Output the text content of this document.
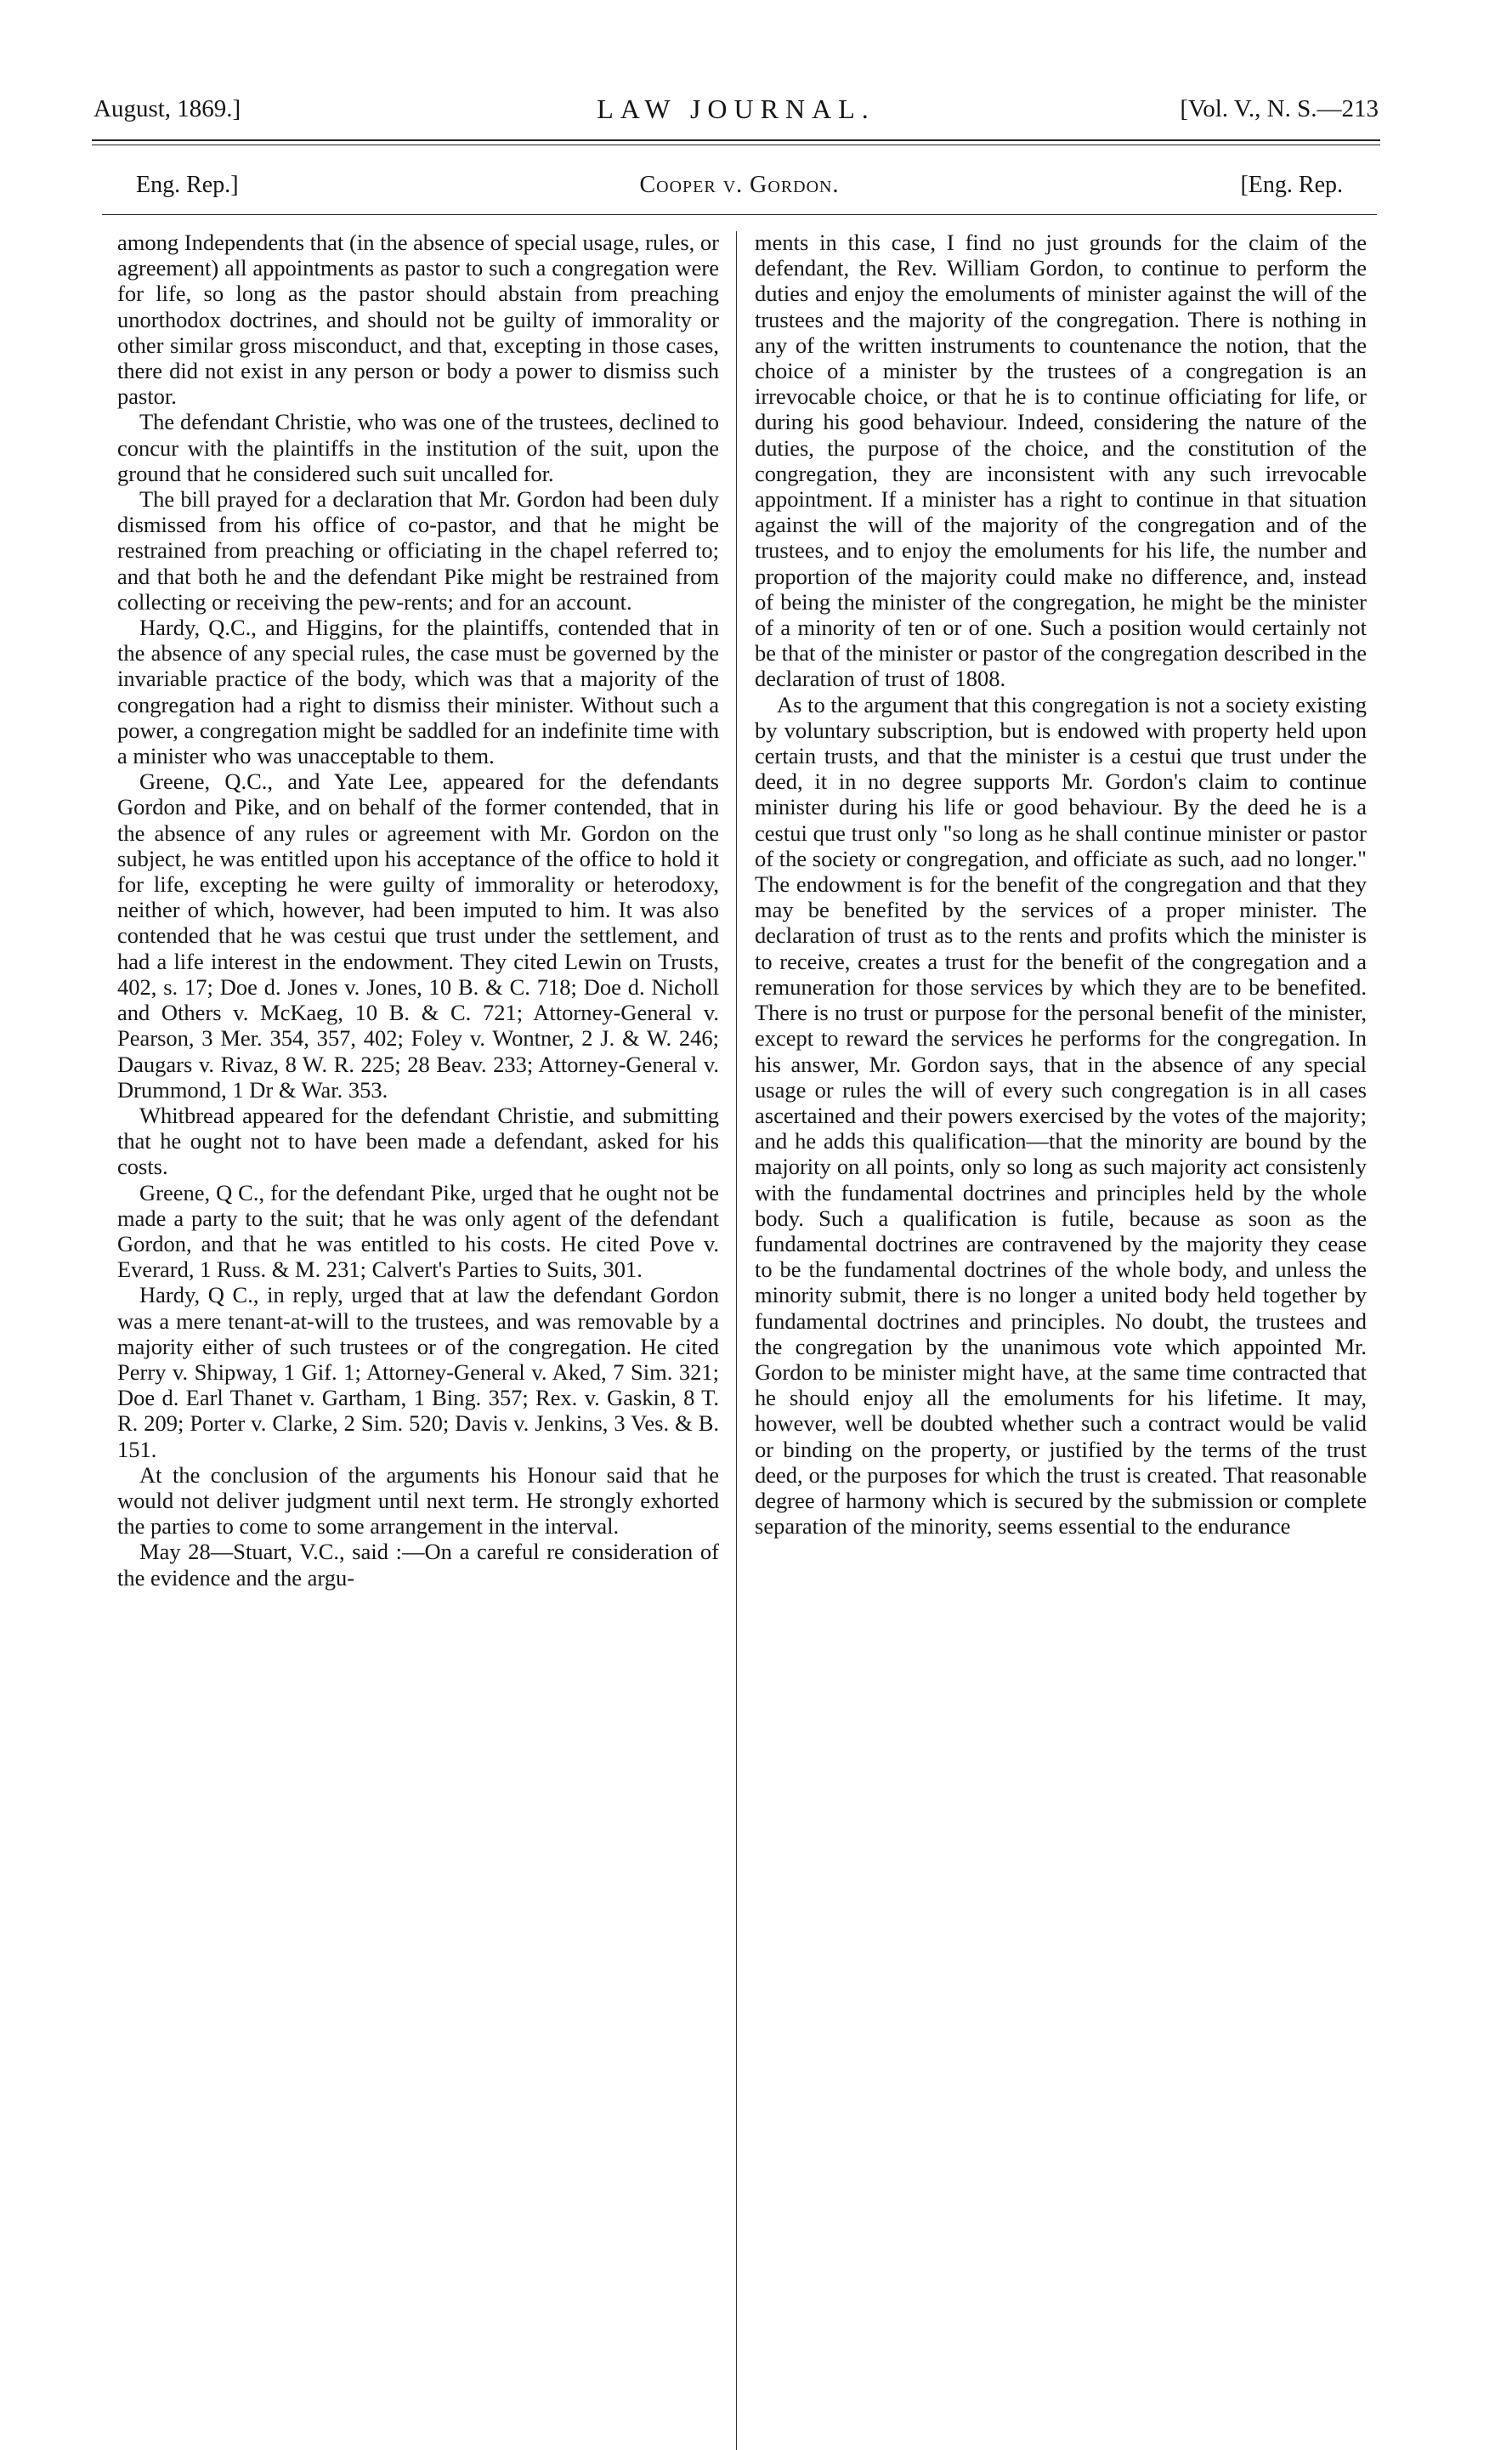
August, 1869.]	LAW JOURNAL.	[Vol. V., N. S.—213
Eng. Rep.]	Cooper v. Gordon.	[Eng. Rep.

among Independents that (in the absence of special usage, rules, or agreement) all appointments as pastor to such a congregation were for life, so long as the pastor should abstain from preaching unorthodox doctrines, and should not be guilty of immorality or other similar gross misconduct, and that, excepting in those cases, there did not exist in any person or body a power to dismiss such pastor.

The defendant Christie, who was one of the trustees, declined to concur with the plaintiffs in the institution of the suit, upon the ground that he considered such suit uncalled for.

The bill prayed for a declaration that Mr. Gordon had been duly dismissed from his office of co-pastor, and that he might be restrained from preaching or officiating in the chapel referred to; and that both he and the defendant Pike might be restrained from collecting or receiving the pew-rents; and for an account.

Hardy, Q.C., and Higgins, for the plaintiffs, contended that in the absence of any special rules, the case must be governed by the invariable practice of the body, which was that a majority of the congregation had a right to dismiss their minister. Without such a power, a congregation might be saddled for an indefinite time with a minister who was unacceptable to them.

Greene, Q.C., and Yate Lee, appeared for the defendants Gordon and Pike, and on behalf of the former contended, that in the absence of any rules or agreement with Mr. Gordon on the subject, he was entitled upon his acceptance of the office to hold it for life, excepting he were guilty of immorality or heterodoxy, neither of which, however, had been imputed to him. It was also contended that he was cestui que trust under the settlement, and had a life interest in the endowment. They cited Lewin on Trusts, 402, s. 17; Doe d. Jones v. Jones, 10 B. & C. 718; Doe d. Nicholl and Others v. McKaeg, 10 B. & C. 721; Attorney-General v. Pearson, 3 Mer. 354, 357, 402; Foley v. Wontner, 2 J. & W. 246; Daugars v. Rivaz, 8 W. R. 225; 28 Beav. 233; Attorney-General v. Drummond, 1 Dr & War. 353.

Whitbread appeared for the defendant Christie, and submitting that he ought not to have been made a defendant, asked for his costs.

Greene, Q C., for the defendant Pike, urged that he ought not be made a party to the suit; that he was only agent of the defendant Gordon, and that he was entitled to his costs. He cited Pove v. Everard, 1 Russ. & M. 231; Calvert's Parties to Suits, 301.

Hardy, Q C., in reply, urged that at law the defendant Gordon was a mere tenant-at-will to the trustees, and was removable by a majority either of such trustees or of the congregation. He cited Perry v. Shipway, 1 Gif. 1; Attorney-General v. Aked, 7 Sim. 321; Doe d. Earl Thanet v. Gartham, 1 Bing. 357; Rex. v. Gaskin, 8 T. R. 209; Porter v. Clarke, 2 Sim. 520; Davis v. Jenkins, 3 Ves. & B. 151.

At the conclusion of the arguments his Honour said that he would not deliver judgment until next term. He strongly exhorted the parties to come to some arrangement in the interval.

May 28—Stuart, V.C., said :—On a careful re consideration of the evidence and the argu-

ments in this case, I find no just grounds for the claim of the defendant, the Rev. William Gordon, to continue to perform the duties and enjoy the emoluments of minister against the will of the trustees and the majority of the congregation. There is nothing in any of the written instruments to countenance the notion, that the choice of a minister by the trustees of a congregation is an irrevocable choice, or that he is to continue officiating for life, or during his good behaviour. Indeed, considering the nature of the duties, the purpose of the choice, and the constitution of the congregation, they are inconsistent with any such irrevocable appointment. If a minister has a right to continue in that situation against the will of the majority of the congregation and of the trustees, and to enjoy the emoluments for his life, the number and proportion of the majority could make no difference, and, instead of being the minister of the congregation, he might be the minister of a minority of ten or of one. Such a position would certainly not be that of the minister or pastor of the congregation described in the declaration of trust of 1808.

As to the argument that this congregation is not a society existing by voluntary subscription, but is endowed with property held upon certain trusts, and that the minister is a cestui que trust under the deed, it in no degree supports Mr. Gordon's claim to continue minister during his life or good behaviour. By the deed he is a cestui que trust only "so long as he shall continue minister or pastor of the society or congregation, and officiate as such, aad no longer." The endowment is for the benefit of the congregation and that they may be benefited by the services of a proper minister. The declaration of trust as to the rents and profits which the minister is to receive, creates a trust for the benefit of the congregation and a remuneration for those services by which they are to be benefited. There is no trust or purpose for the personal benefit of the minister, except to reward the services he performs for the congregation. In his answer, Mr. Gordon says, that in the absence of any special usage or rules the will of every such congregation is in all cases ascertained and their powers exercised by the votes of the majority; and he adds this qualification—that the minority are bound by the majority on all points, only so long as such majority act consistenly with the fundamental doctrines and principles held by the whole body. Such a qualification is futile, because as soon as the fundamental doctrines are contravened by the majority they cease to be the fundamental doctrines of the whole body, and unless the minority submit, there is no longer a united body held together by fundamental doctrines and principles. No doubt, the trustees and the congregation by the unanimous vote which appointed Mr. Gordon to be minister might have, at the same time contracted that he should enjoy all the emoluments for his lifetime. It may, however, well be doubted whether such a contract would be valid or binding on the property, or justified by the terms of the trust deed, or the purposes for which the trust is created. That reasonable degree of harmony which is secured by the submission or complete separation of the minority, seems essential to the endurance
